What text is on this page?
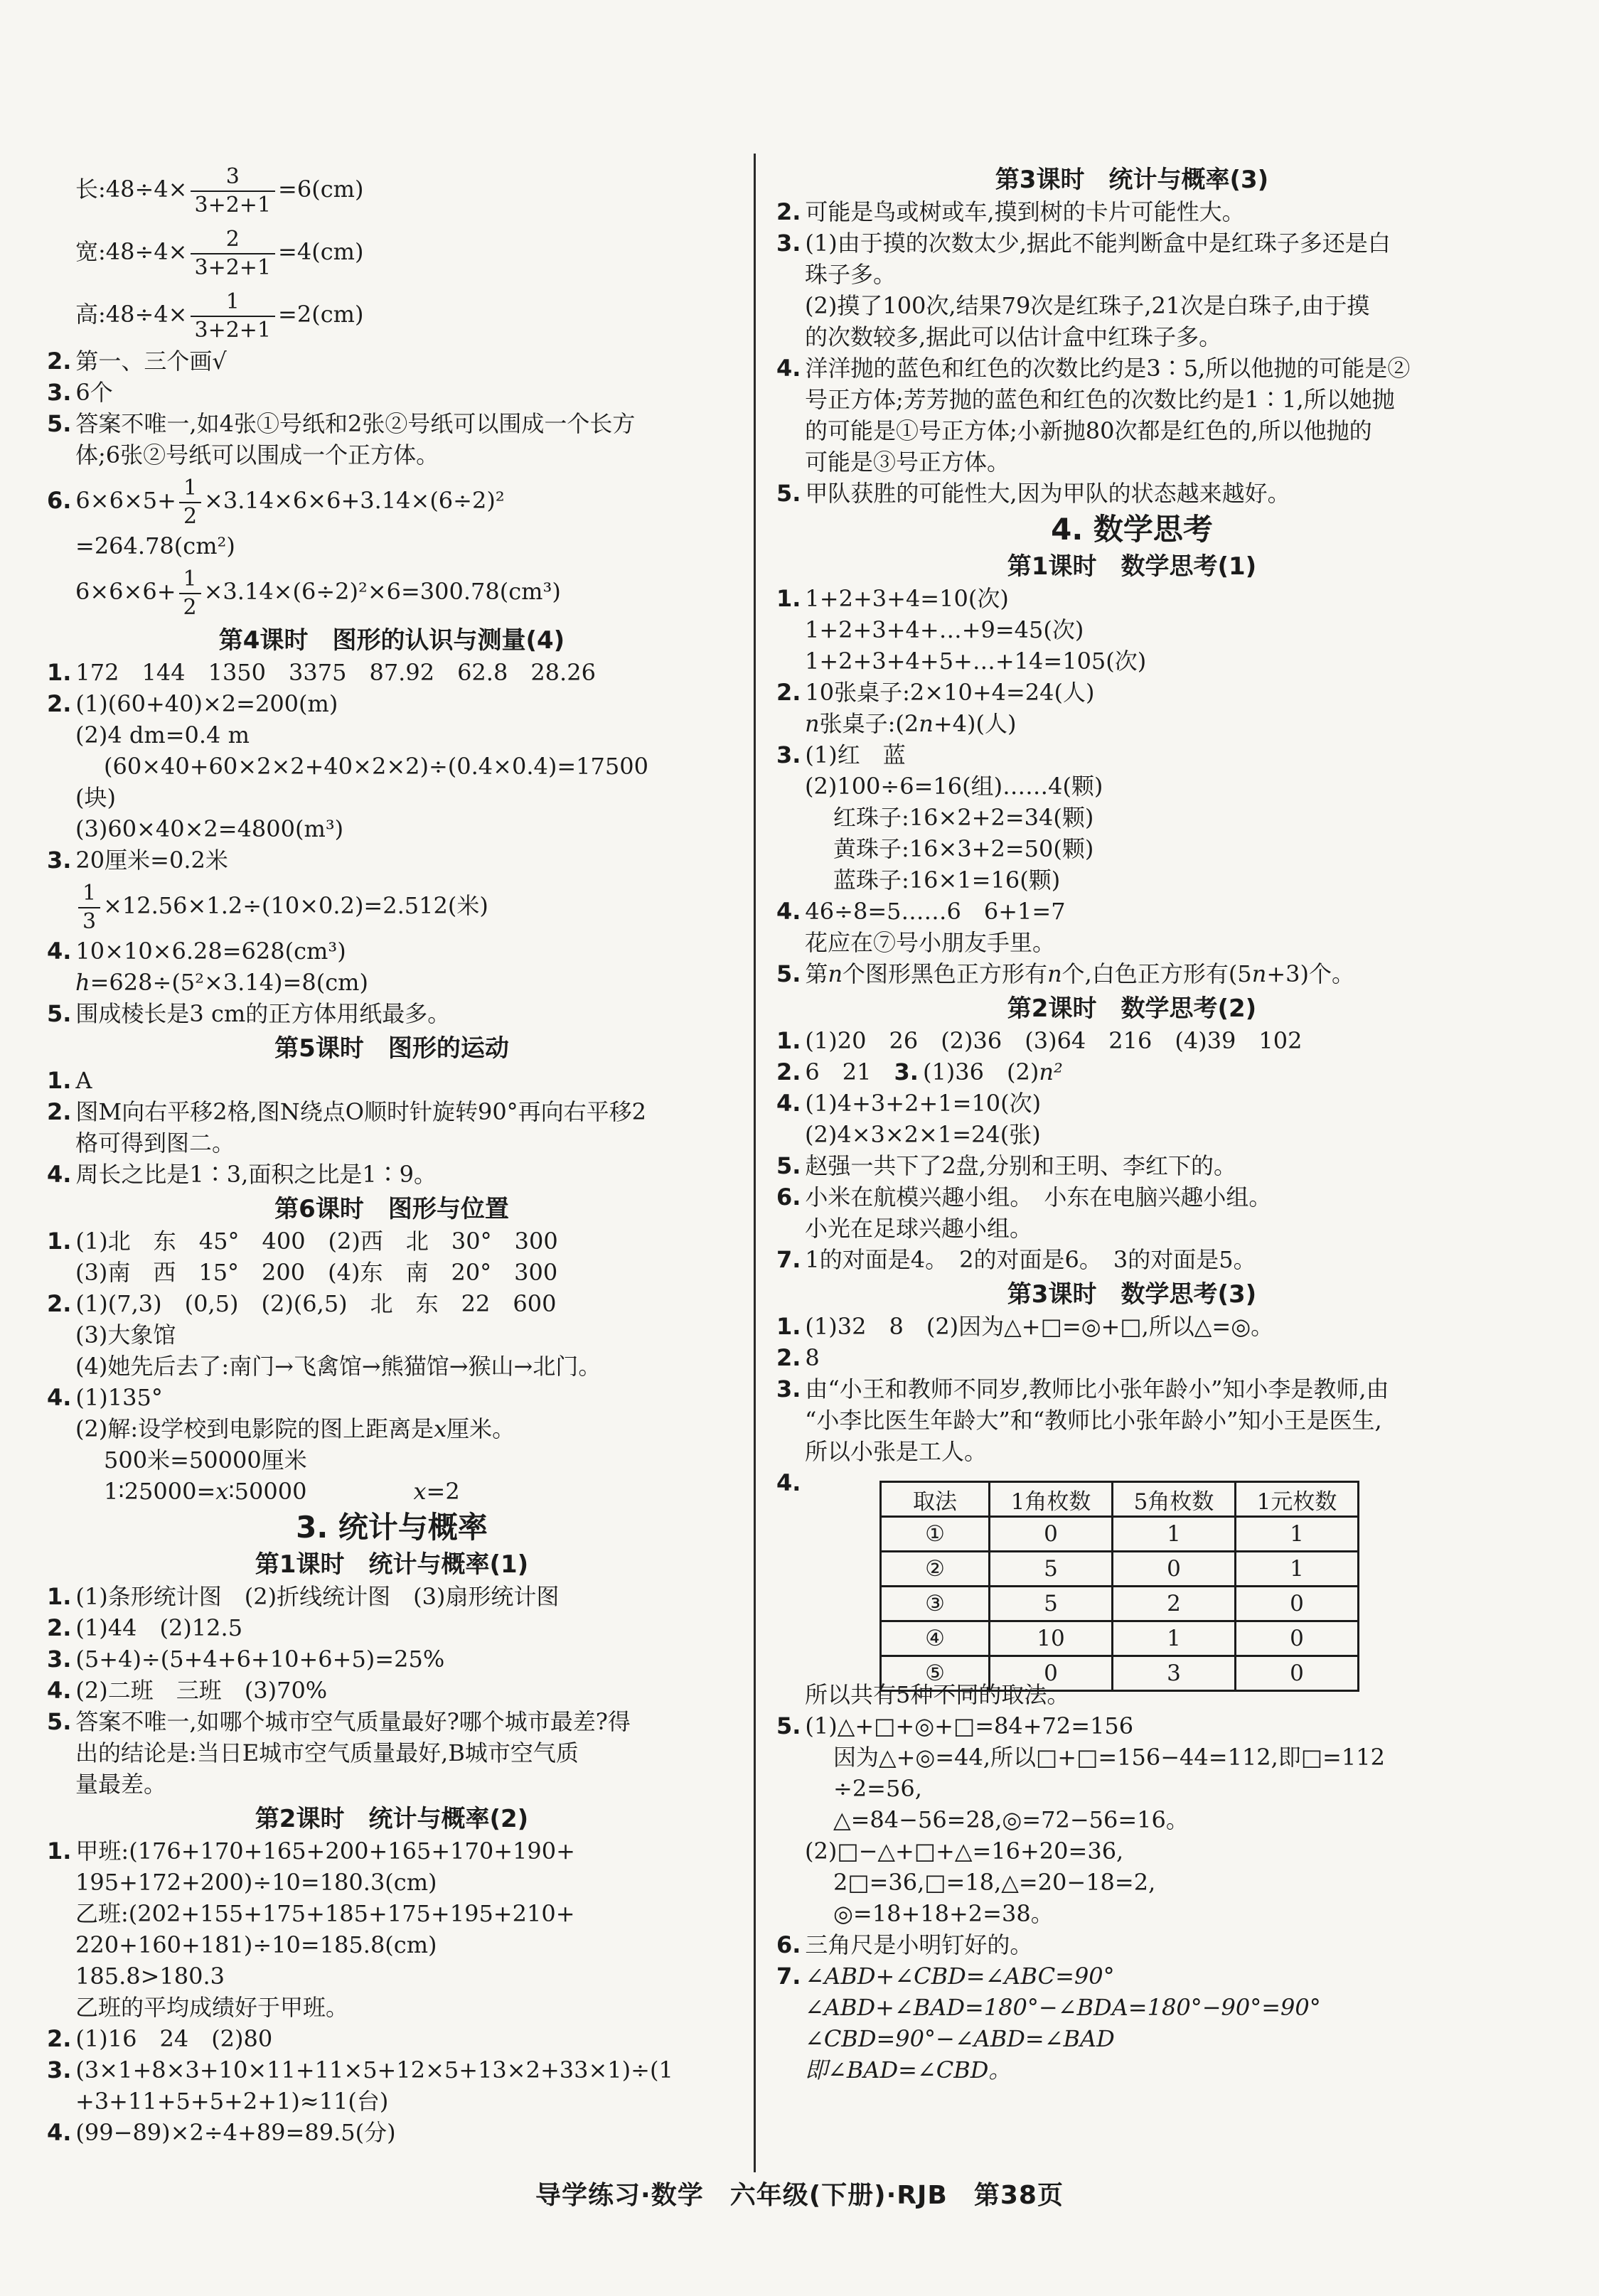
长:48÷4× $\frac{3}{3+2+1} =6(cm)$
宽:48÷4× $\frac{2}{3+2+1} =4(cm)$
高:48÷4× $\frac{1}{3+2+1} =2(cm)$
2. 第一、三个画√
3. 6个
5. 答案不唯一,如4张①号纸和2张②号纸可以围成一个长方
体;6张②号纸可以围成一个正方体。
6. $6\times 6\times 5+ \frac{1}{2} \times 3.14\times 6\times 6+3.14\times(6\div 2)^2$
=264.78(cm²)
$6\times 6\times 6+ \frac{1}{2} \times 3.14\times(6\div 2)^2\times 6=300.78(cm^3)$
第4课时　图形的认识与测量(4)
1. 172　144　1350　3375　87.92　62.8　28.26
2. (1)(60+40)×2=200(m)
(2)4 dm=0.4 m
(60×40+60×2×2+40×2×2)÷(0.4×0.4)=17500
(块)
(3)60×40×2=4800(m³)
3. 20厘米=0.2米
$\frac{1}{3} \times 12.56\times 1.2\div(10\times 0.2)=2.512$(米)
4. 10×10×6.28=628(cm³)
h=628÷(5²×3.14)=8(cm)
5. 围成棱长是3 cm的正方体用纸最多。
第5课时　图形的运动
1. A
2. 图M向右平移2格,图N绕点O顺时针旋转90°再向右平移2
格可得到图二。
4. 周长之比是1∶3,面积之比是1∶9。
第6课时　图形与位置
1. (1)北　东　45°　400　(2)西　北　30°　300
(3)南　西　15°　200　(4)东　南　20°　300
2. (1)(7,3)　(0,5)　(2)(6,5)　北　东　22　600
(3)大象馆
(4)她先后去了:南门→飞禽馆→熊猫馆→猴山→北门。
4. (1)135°
(2)解:设学校到电影院的图上距离是x厘米。
500米=50000厘米
1∶25000=x∶50000	x=2
3. 统计与概率
第1课时　统计与概率(1)
1. (1)条形统计图　(2)折线统计图　(3)扇形统计图
2. (1)44　(2)12.5
3. (5+4)÷(5+4+6+10+6+5)=25%
4. (2)二班　三班　(3)70%
5. 答案不唯一,如哪个城市空气质量最好?哪个城市最差?得
出的结论是:当日E城市空气质量最好,B城市空气质
量最差。
第2课时　统计与概率(2)
1. 甲班:(176+170+165+200+165+170+190+
195+172+200)÷10=180.3(cm)
乙班:(202+155+175+185+175+195+210+
220+160+181)÷10=185.8(cm)
185.8>180.3
乙班的平均成绩好于甲班。
2. (1)16　24　(2)80
3. (3×1+8×3+10×11+11×5+12×5+13×2+33×1)÷(1
+3+11+5+5+2+1)≈11(台)
4. (99−89)×2÷4+89=89.5(分)
第3课时　统计与概率(3)
2. 可能是鸟或树或车,摸到树的卡片可能性大。
3. (1)由于摸的次数太少,据此不能判断盒中是红珠子多还是白
珠子多。
(2)摸了100次,结果79次是红珠子,21次是白珠子,由于摸
的次数较多,据此可以估计盒中红珠子多。
4. 洋洋抛的蓝色和红色的次数比约是3∶5,所以他抛的可能是②
号正方体;芳芳抛的蓝色和红色的次数比约是1∶1,所以她抛
的可能是①号正方体;小新抛80次都是红色的,所以他抛的
可能是③号正方体。
5. 甲队获胜的可能性大,因为甲队的状态越来越好。
4. 数学思考
第1课时　数学思考(1)
1. 1+2+3+4=10(次)
1+2+3+4+…+9=45(次)
1+2+3+4+5+…+14=105(次)
2. 10张桌子:2×10+4=24(人)
n张桌子:(2n+4)(人)
3. (1)红　蓝
(2)100÷6=16(组)……4(颗)
红珠子:16×2+2=34(颗)
黄珠子:16×3+2=50(颗)
蓝珠子:16×1=16(颗)
4. 46÷8=5……6　6+1=7
花应在⑦号小朋友手里。
5. 第n个图形黑色正方形有n个,白色正方形有(5n+3)个。
第2课时　数学思考(2)
1. (1)20　26　(2)36　(3)64　216　(4)39　102
2. 6　21　 3. (1)36　(2)n²
4. (1)4+3+2+1=10(次)
(2)4×3×2×1=24(张)
5. 赵强一共下了2盘,分别和王明、李红下的。
6. 小米在航模兴趣小组。　小东在电脑兴趣小组。
小光在足球兴趣小组。
7. 1的对面是4。　2的对面是6。　3的对面是5。
第3课时　数学思考(3)
1. (1)32　8　(2)因为△+□=◎+□,所以△=◎。
2. 8
3. 由“小王和教师不同岁,教师比小张年龄小”知小李是教师,由
“小李比医生年龄大”和“教师比小张年龄小”知小王是医生,
所以小张是工人。
4.
所以共有5种不同的取法。
5. (1)△+□+◎+□=84+72=156
因为△+◎=44,所以□+□=156−44=112,即□=112
÷2=56,
△=84−56=28,◎=72−56=16。
(2)□−△+□+△=16+20=36,
2□=36,□=18,△=20−18=2,
◎=18+18+2=38。
6. 三角尺是小明钉好的。
7. ∠ABD+∠CBD=∠ABC=90°
∠ABD+∠BAD=180°−∠BDA=180°−90°=90°
∠CBD=90°−∠ABD=∠BAD
即∠BAD=∠CBD。
取法	1角枚数	5角枚数	1元枚数
①	0	1	1
②	5	0	1
③	5	2	0
④	10	1	0
⑤	0	3	0
导学练习·数学　六年级(下册)·RJB　第38页
